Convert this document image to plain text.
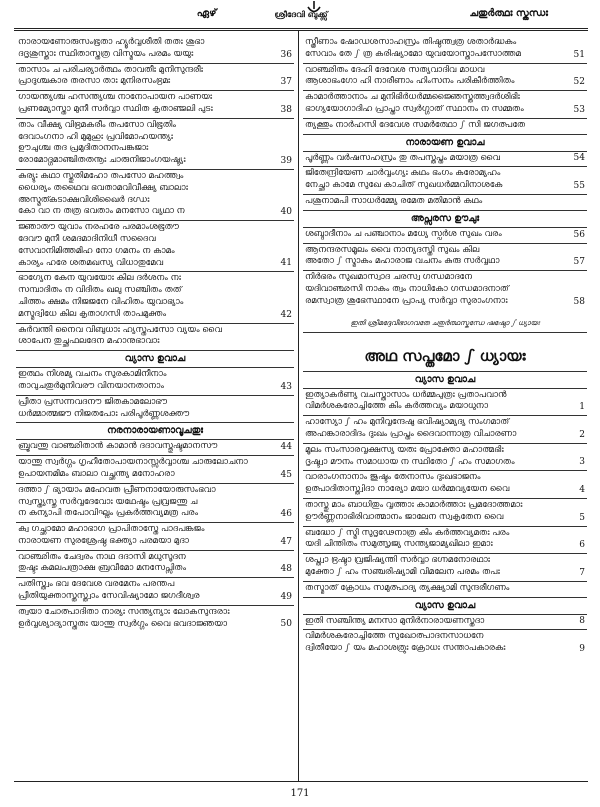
ഏഴ്	ശ്രീദേവി ബുക്ക്സ്	ചതുർത്ഥഃ സ്കന്ധഃ
നാരായണോരുസംഭൂതാ ഹ്യൂർവ്വശീതി തതഃ ശുഭാ
ദദൃശുസ്താഃ സ്ഥിതാസ്തത്ര വിസ്മയം പരമം യയുഃ	36
താസാം ച പരിചര്യാർത്ഥം താവതീഃ മുനിസുന്ദരീഃ
പ്രാദുശ്ചകാര തരസാ താഃ മുനിരസംഭ്രമഃ	37
ഗായന്ത്യശ്ച ഹസന്ത്യശ്ച നാനോപായന പാണയഃ
പ്രണമ്യോസ്താ മുനീ സർവ്വാ സ്ഥിത കൃതാഞ്ജലി പുടഃ	38
താം വീക്ഷ്യ വിഭ്രമകരീം തപസോ വിഭൂതിം
ദേവാംഗനാ ഹി മുമുഹുഃ പ്രവിമോഹയന്ത്യഃ
ഊചുശ്ച തദ പ്രമുദിതാനനപങ്കജാഃ
രോമോദ്ഗമാഞ്ചിതതനൂഃ ചാരുനിജാംഗയഷ്ട്യഃ	39
കുര്യുഃ കഥാ സ്തുതിമഹോ തപസോ മഹത്ത്വം
ധൈര്യം തഥൈവ ഭവതാമവിവീക്ഷ്യ ബാലാഃ
അസ്മത്കടാക്ഷവിശിഖൈർ ദഗ്ധഃ
കോ വാ ന തത്ര ഭവതാം മനസോ വ്യഥാ ന	40
ജ്ഞാതൗ യുവാം നരഹരേ പരമാംശഭൂതൗ
ദേവൗ മുനീ ശമദമാദിനിധീ സദൈവ
സേവാനിമിത്തമിഹ നോ ഗമനം ന കാമം
കാര്യം ഹരേ ശതമഖസ്യ വിധാതുമേവ	41
ഭാഗ്യേന കേന യുവയോഃ കില ദർശനം നഃ
സമ്പാദിതം ന വിദിതം ഖലു സഞ്ചിതം തത്
ചിത്തം ക്ഷമം നിജജനേ വിഹിതം യുവാഭ്യാം
മസ്മദ്വിധേ കില കൃതാഗസി താപമുക്തം	42
കുർവന്തി നൈവ വിബുധാഃ ഹ്യസ്തപസോ വ്യയം വൈ
ശാപേന തുച്ഛഫലദേന മഹാനുഭാവാഃ
വ്യാസ ഉവാച
ഇത്ഥം നിശമ്യ വചനം സുരകാമിനീനാം
താവുചതുർമുനിവരൗ വിനയാനതാനാം	43
പ്രീതാ പ്രസന്നവദനൗ ജിതകാമലോഭൗ
ധർമ്മാത്മജൗ നിജതപോഃ പരിപൂർണ്ണശക്തൗ
നരനാരായണാവൂചതുഃ
ബ്രൂവന്തു വാഞ്ഛിതാൻ കാമാൻ ദദാവസ്തുഷ്ടമാനസൗ	44
യാന്തു സ്വർഗ്ഗം ഗൃഹീതോപായനാസ്സർവ്വാശ്ച ചാരുലോചനാ
ഉപായനമിമം ബാലാ വച്ഛന്ത്യ മനോഹരാ	45
ദത്താ ഽ ഭ്യായാം മഹേവത പ്രീണനായോരുസംഭവാ
സ്വസ്ത്യസ്തു സർവ്വദേവോഃ യഥേഷ്ടം പ്രവ്രജന്തു ച
ന കന്യാപി തപോവിഘ്നം പ്രകർത്തവ്യമത്ര പരം	46
ക്വ ഗച്ഛാമോ മഹാഭാഗ പ്രാപിതാസ്തേ പാദപങ്കജം
നാരായണ സുരശ്രേഷ്ഠ ഭക്ത്യാ പരമയാ മുദാ	47
വാഞ്ഛിതം ചേദ്വരം നാഥ ദദാസി മധുസൂദന
തുഷ്ടഃ കമലപത്രാക്ഷ ബ്രവീമോ മനസേപ്സിതം	48
പതിസ്ത്വം ഭവ ദേവേശ വരമേനം പരന്തപ
പ്രീതിയുക്താസ്തസ്ത്വാം സേവിഷ്യാമോ ജഗദീശ്വര	49
ത്വയാ ചോത്പാദിതാ നാര്യഃ സന്ത്യന്യാഃ ലോകസുന്ദരാഃ
ഉർവ്വശ്യാദ്യാസ്തതഃ യാന്തു സ്വർഗ്ഗം വൈ ഭവദാജ്ഞയാ	50
സ്ത്രീണാം ഷോഡശസാഹസ്രം തിഷ്ഠന്ത്വത്ര ശതാർദ്ധകം
സേവാം തേ ഽ ത്ര കരിഷ്യാമോ യുവയോസ്താപസോത്തമ	51
വാഞ്ഛിതം ദേഹി ദേവേശ സത്യവാദിവ മാധവ
ആശാഭംഗോ ഹി നാരീണാം ഹിംസനം പരികീർത്തിതം	52
കാമാർത്താനാം ച മുനിഭിർധർമ്മജ്ഞൈസ്തത്ത്വദർശിഭിഃ
ഭാഗ്യയോഗാദിഹ പ്രാപ്താ സ്വർഗ്ഗാത് സ്ഥാനം ന സമ്മതം	53
ത്യക്തും നാർഹസി ദേവേശ സമർത്ഥോ ഽ സി ജഗത്പതേ
നാരായണ ഉവാച
പൂർണ്ണം വർഷസഹസ്രം തു തപസ്തപ്തം മയാത്ര വൈ	54
ജിതേന്ദ്രിയേണ ചാർവ്വംഗ്യഃ കഥം ഭംഗം കരോമ്യഹം
നേച്ഛാ കാമേ സുഖേ കാചിത് സുഖധർമ്മവിനാശകേ	55
പശുനാമപി സാധർമ്മ്യേ രമേത മതിമാൻ കഥം
അപ്സരസ ഊചുഃ
ശബ്ദാദീനാം ച പഞ്ചാനാം മധ്യേ സ്പർശ സുഖം വരം	56
ആനന്ദരസമൂലം വൈ നാന്യദസ്തി സുഖം കില
അതോ ഽ സ്മാകം മഹാരാജ വചനം കുരു സർവ്വഥാ	57
നിർഭരം സുഖമാസ്വാദ ചരസ്വ ഗന്ധമാദനേ
യദിവാഞ്ഛസി നാകം ത്വം നാധികോ ഗന്ധമാദനാത്
രമസ്വാത്ര ശുഭേസ്ഥാനേ പ്രാപ്യ സർവ്വാ സുരാംഗനാഃ	58
ഇതി ശ്രീമദ്ദേവീഭാഗവതേ ചതുർത്ഥസ്കന്ധേ ഷഷ്ഠോ ഽ ധ്യായഃ
അഥ സപ്തമോ ഽ ധ്യായഃ
വ്യാസ ഉവാച
ഇത്യാകർണ്യ വചസ്താസാം ധർമ്മപുത്രഃ പ്രതാപവാൻ
വിമർശകരോച്ചിത്തേ കിം കർത്തവ്യം മയാധുനാ	1
ഹാസ്യോ ഽ ഹം മുനിവൃന്ദേഷു ഭവിഷ്യാമ്യദ്യ സംഗമാത്
അഹങ്കാരാദിദം ദുഃഖം പ്രാപ്തം ദൈവാന്നാത്ര വിചാരണാ	2
മൂലം സംസാരവൃക്ഷസ്യ യതഃ പ്രോക്തോ മഹാത്മഭിഃ
ദൃഷ്ട്വാ മൗനം സമാധായ ന സ്ഥിതോ ഽ ഹം സമാഗതം	3
വാരാംഗനാനാം ജുഷ്ടം തേനാസം ദുഃഖഭാജനം
ഉത്പാദിതാസ്ത്വിദാ നാര്യോ മയാ ധർമ്മവ്യയേന വൈ	4
താസ്തു മാം ബാധിതും വൃത്താഃ കാമാർത്താഃ പ്രമദോത്തമാഃ
ഊർണ്ണനാഭിരിവാത്മാനം ജാലേന സ്വകൃതേന വൈ	5
ബദ്ധോ ഽ സ്മി സുദൃഢേനാത്ര കിം കർത്തവ്യമതഃ പരം
യദി ചിന്തിതം സമുത്സൃജ്യ സന്ത്യജാമ്യഖിലാ ഇമാഃ	6
ശപ്ത്വാ ഭ്രഷ്ടാ വ്രജിഷ്യന്തി സർവ്വാ ഭഗ്നമനോരഥാഃ
മുക്തോ ഽ ഹം സഞ്ചരിഷ്യാമി വിമലേന പരമം തപഃ	7
തസ്മാത് ക്രോധം സമുത്പാദ്യ ത്യക്ഷ്യാമി സുന്ദരീഗണം
വ്യാസ ഉവാച
ഇതി സഞ്ചിന്ത്യ മനസാ മുനിർനാരായണസ്തദാ	8
വിമർശകരോച്ചിത്തേ സുഖോത്പാദനസാധനേ
ദ്വിതീയോ ഽ യം മഹാശത്രുഃ ക്രോധഃ സന്താപകാരകഃ	9
171
